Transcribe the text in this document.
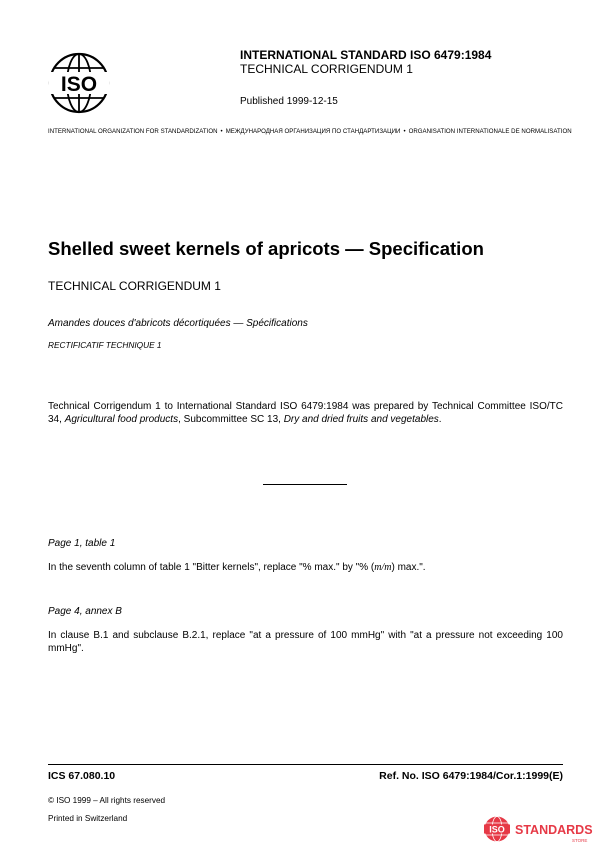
ISO
INTERNATIONAL STANDARD ISO 6479:1984
TECHNICAL CORRIGENDUM 1
Published 1999-12-15
INTERNATIONAL ORGANIZATION FOR STANDARDIZATION • МЕЖДУНАРОДНАЯ ОРГАНИЗАЦИЯ ПО СТАНДАРТИЗАЦИИ • ORGANISATION INTERNATIONALE DE NORMALISATION
Shelled sweet kernels of apricots — Specification
TECHNICAL CORRIGENDUM 1
Amandes douces d'abricots décortiquées — Spécifications
RECTIFICATIF TECHNIQUE 1
Technical Corrigendum 1 to International Standard ISO 6479:1984 was prepared by Technical Committee ISO/TC 34, Agricultural food products, Subcommittee SC 13, Dry and dried fruits and vegetables.
Page 1, table 1
In the seventh column of table 1 "Bitter kernels", replace "% max." by "% (m/m) max.".
Page 4, annex B
In clause B.1 and subclause B.2.1, replace "at a pressure of 100 mmHg" with "at a pressure not exceeding 100 mmHg".
ICS 67.080.10	Ref. No. ISO 6479:1984/Cor.1:1999(E)
© ISO 1999 – All rights reserved
Printed in Switzerland
ISO STANDARDS
STORE
